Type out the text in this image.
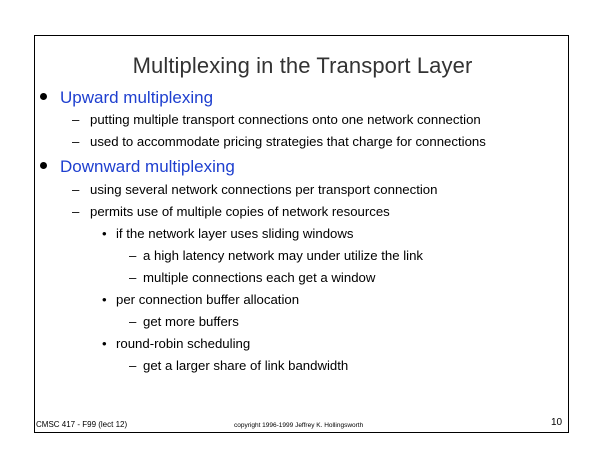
Multiplexing in the Transport Layer
Upward multiplexing
– putting multiple transport connections onto one network connection
– used to accommodate pricing strategies that charge for connections
Downward multiplexing
– using several network connections per transport connection
– permits use of multiple copies of network resources
• if the network layer uses sliding windows
– a high latency network may under utilize the link
– multiple connections each get a window
• per connection buffer allocation
– get more buffers
• round-robin scheduling
– get a larger share of link bandwidth
CMSC 417 - F99 (lect 12)	copyright 1996-1999 Jeffrey K. Hollingsworth	10
